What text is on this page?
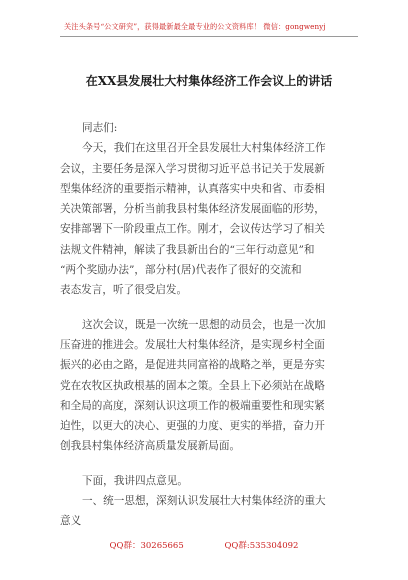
关注头条号“公文研究”，获得最新最全最专业的公文资料库！ 微信：gongwenyj
在XX县发展壮大村集体经济工作会议上的讲话

同志们:

今天，我们在这里召开全县发展壮大村集体经济工作

会议，主要任务是深入学习贯彻习近平总书记关于发展新

型集体经济的重要指示精神，认真落实中央和省、市委相

关决策部署，分析当前我县村集体经济发展面临的形势，

安排部署下一阶段重点工作。刚才，会议传达学习了相关

法规文件精神，解读了我县新出台的“三年行动意见”和

“两个奖励办法”，部分村(居)代表作了很好的交流和

表态发言，听了很受启发。

这次会议，既是一次统一思想的动员会，也是一次加

压奋进的推进会。发展壮大村集体经济，是实现乡村全面

振兴的必由之路，是促进共同富裕的战略之举，更是夯实

党在农牧区执政根基的固本之策。全县上下必须站在战略

和全局的高度，深刻认识这项工作的极端重要性和现实紧

迫性，以更大的决心、更强的力度、更实的举措，奋力开

创我县村集体经济高质量发展新局面。

下面，我讲四点意见。

一、统一思想，深刻认识发展壮大村集体经济的重大

意义

QQ群：30265665	QQ群:535304092
